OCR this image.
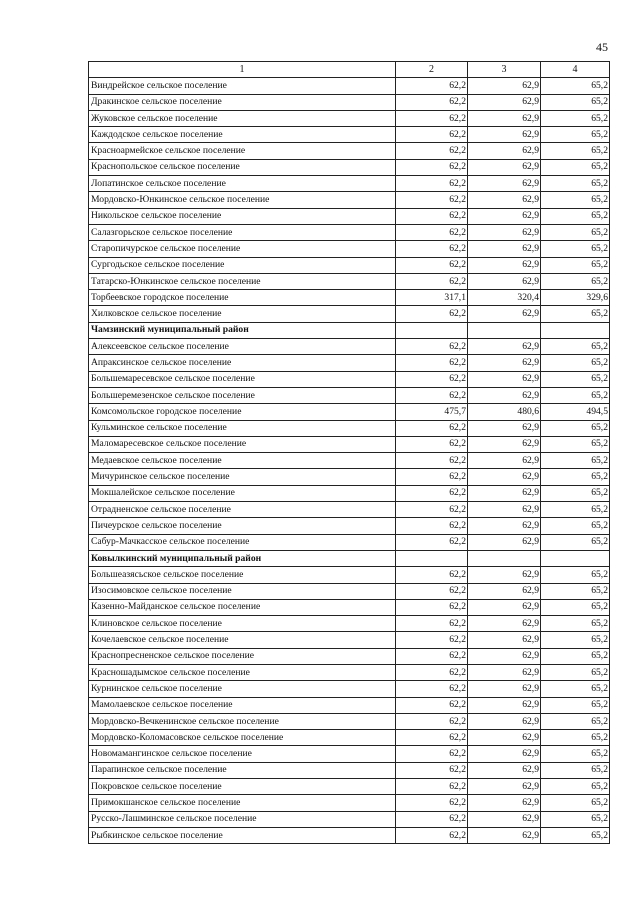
45
1	2	3	4
Виндрейское сельское поселение	62,2	62,9	65,2
Дракинское сельское поселение	62,2	62,9	65,2
Жуковское сельское поселение	62,2	62,9	65,2
Каждодское сельское поселение	62,2	62,9	65,2
Красноармейское сельское поселение	62,2	62,9	65,2
Краснопольское сельское поселение	62,2	62,9	65,2
Лопатинское сельское поселение	62,2	62,9	65,2
Мордовско-Юнкинское сельское поселение	62,2	62,9	65,2
Никольское сельское поселение	62,2	62,9	65,2
Салазгорьское сельское поселение	62,2	62,9	65,2
Старопичурское сельское поселение	62,2	62,9	65,2
Сургодьское сельское поселение	62,2	62,9	65,2
Татарско-Юнкинское сельское поселение	62,2	62,9	65,2
Торбеевское городское поселение	317,1	320,4	329,6
Хилковское сельское поселение	62,2	62,9	65,2
Чамзинский муниципальный район			
Алексеевское сельское поселение	62,2	62,9	65,2
Апраксинское сельское поселение	62,2	62,9	65,2
Большемаресевское сельское поселение	62,2	62,9	65,2
Большеремезенское сельское поселение	62,2	62,9	65,2
Комсомольское городское поселение	475,7	480,6	494,5
Кульминское сельское поселение	62,2	62,9	65,2
Маломаресевское сельское поселение	62,2	62,9	65,2
Медаевское сельское поселение	62,2	62,9	65,2
Мичуринское сельское поселение	62,2	62,9	65,2
Мокшалейское сельское поселение	62,2	62,9	65,2
Отрадненское сельское поселение	62,2	62,9	65,2
Пичеурское сельское поселение	62,2	62,9	65,2
Сабур-Мачкасское сельское поселение	62,2	62,9	65,2
Ковылкинский муниципальный район			
Большеазясьское сельское поселение	62,2	62,9	65,2
Изосимовское сельское поселение	62,2	62,9	65,2
Казенно-Майданское сельское поселение	62,2	62,9	65,2
Клиновское сельское поселение	62,2	62,9	65,2
Кочелаевское сельское поселение	62,2	62,9	65,2
Краснопресненское сельское поселение	62,2	62,9	65,2
Красношадымское сельское поселение	62,2	62,9	65,2
Курнинское сельское поселение	62,2	62,9	65,2
Мамолаевское сельское поселение	62,2	62,9	65,2
Мордовско-Вечкенинское сельское поселение	62,2	62,9	65,2
Мордовско-Коломасовское сельское поселение	62,2	62,9	65,2
Новомамангинское сельское поселение	62,2	62,9	65,2
Парапинское сельское поселение	62,2	62,9	65,2
Покровское сельское поселение	62,2	62,9	65,2
Примокшанское сельское поселение	62,2	62,9	65,2
Русско-Лашминское сельское поселение	62,2	62,9	65,2
Рыбкинское сельское поселение	62,2	62,9	65,2
